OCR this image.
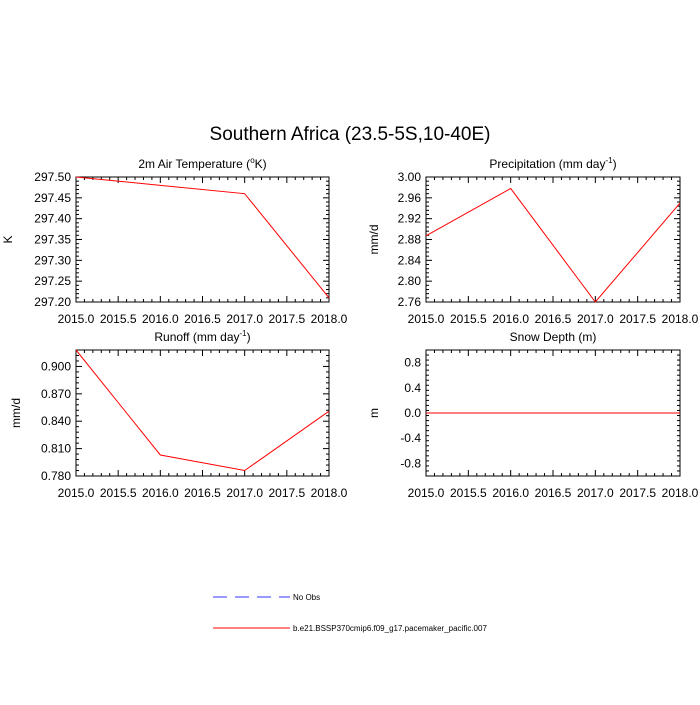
Southern Africa (23.5-5S,10-40E)
2m Air Temperature ($^o$K)
2015.0 2015.5 2016.0 2016.5 2017.0 2017.5 2018.0
297.20
297.25
297.30
297.35
297.40
297.45
297.50
K
Precipitation (mm day$^{-1}$)
2015.0 2015.5 2016.0 2016.5 2017.0 2017.5 2018.0
2.76
2.80
2.84
2.88
2.92
2.96
3.00
mm/d
Runoff (mm day$^{-1}$)
2015.0 2015.5 2016.0 2016.5 2017.0 2017.5 2018.0
0.780
0.810
0.840
0.870
0.900
mm/d
Snow Depth (m)
2015.0 2015.5 2016.0 2016.5 2017.0 2017.5 2018.0
-0.8
-0.4
0.0
0.4
0.8
m
No Obs
b.e21.BSSP370cmip6.f09_g17.pacemaker_pacific.007
